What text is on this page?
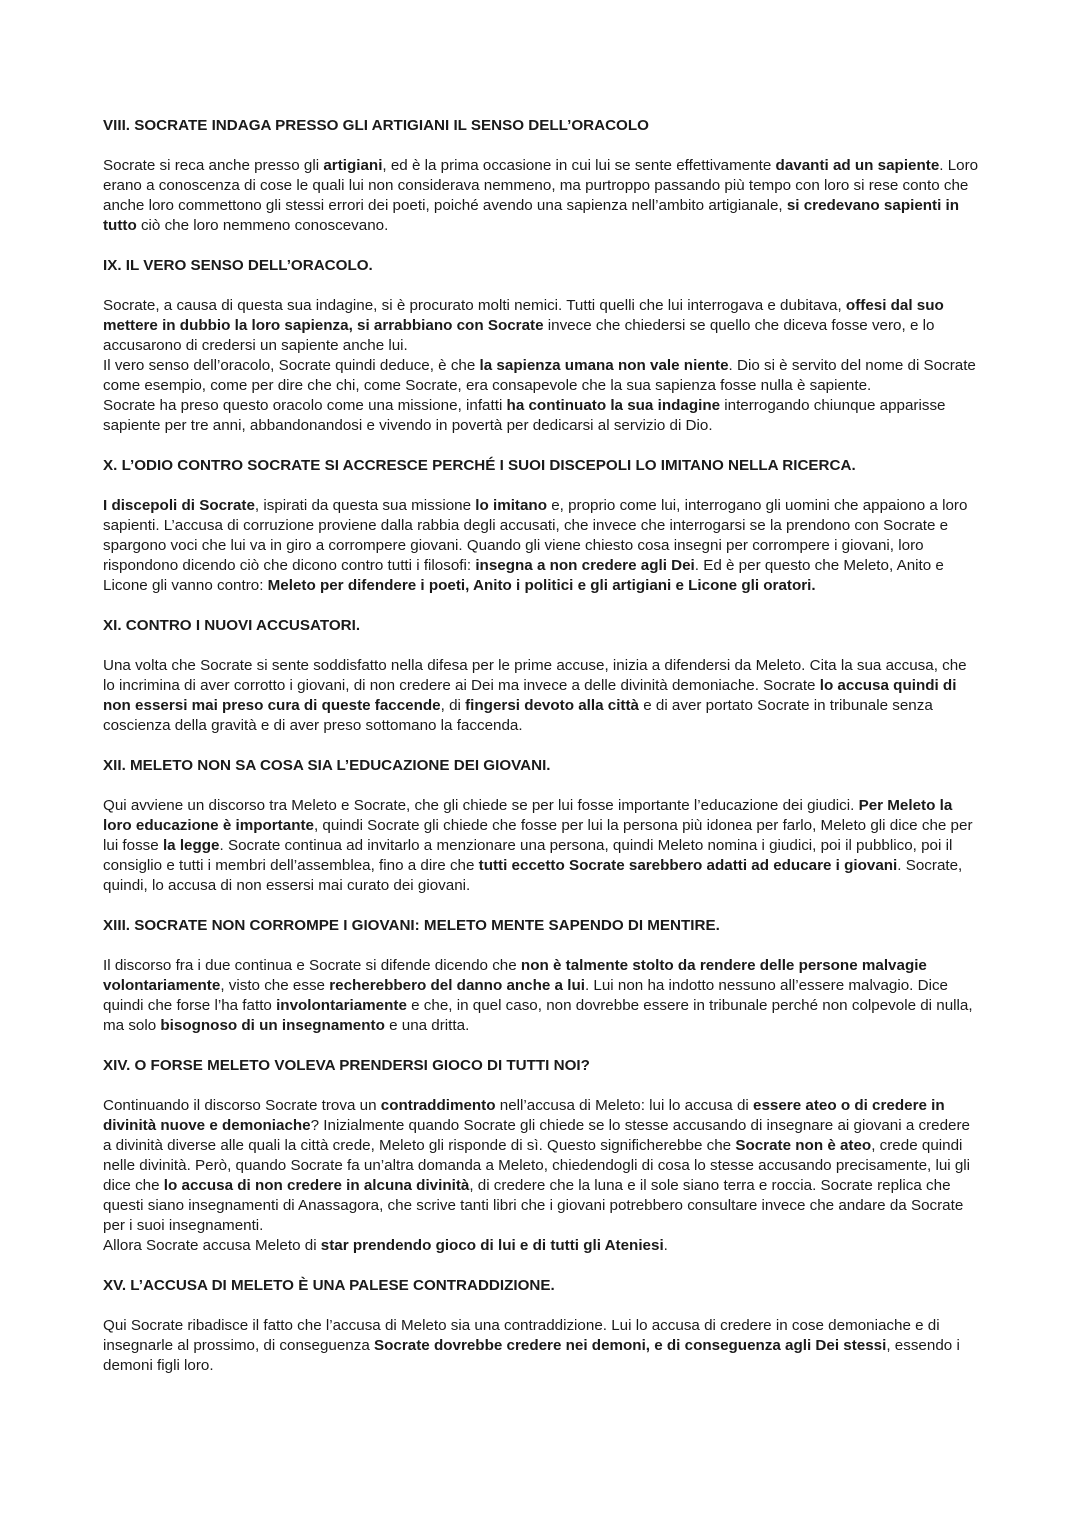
VIII. SOCRATE INDAGA PRESSO GLI ARTIGIANI IL SENSO DELL’ORACOLO

Socrate si reca anche presso gli artigiani, ed è la prima occasione in cui lui se sente effettivamente davanti ad un sapiente. Loro erano a conoscenza di cose le quali lui non considerava nemmeno, ma purtroppo passando più tempo con loro si rese conto che anche loro commettono gli stessi errori dei poeti, poiché avendo una sapienza nell’ambito artigianale, si credevano sapienti in tutto ciò che loro nemmeno conoscevano.

IX. IL VERO SENSO DELL’ORACOLO.

Socrate, a causa di questa sua indagine, si è procurato molti nemici. Tutti quelli che lui interrogava e dubitava, offesi dal suo mettere in dubbio la loro sapienza, si arrabbiano con Socrate invece che chiedersi se quello che diceva fosse vero, e lo accusarono di credersi un sapiente anche lui.

Il vero senso dell’oracolo, Socrate quindi deduce, è che la sapienza umana non vale niente. Dio si è servito del nome di Socrate come esempio, come per dire che chi, come Socrate, era consapevole che la sua sapienza fosse nulla è sapiente.

Socrate ha preso questo oracolo come una missione, infatti ha continuato la sua indagine interrogando chiunque apparisse sapiente per tre anni, abbandonandosi e vivendo in povertà per dedicarsi al servizio di Dio.

X. L’ODIO CONTRO SOCRATE SI ACCRESCE PERCHÉ I SUOI DISCEPOLI LO IMITANO NELLA RICERCA.

I discepoli di Socrate, ispirati da questa sua missione lo imitano e, proprio come lui, interrogano gli uomini che appaiono a loro sapienti. L’accusa di corruzione proviene dalla rabbia degli accusati, che invece che interrogarsi se la prendono con Socrate e spargono voci che lui va in giro a corrompere giovani. Quando gli viene chiesto cosa insegni per corrompere i giovani, loro rispondono dicendo ciò che dicono contro tutti i filosofi: insegna a non credere agli Dei. Ed è per questo che Meleto, Anito e Licone gli vanno contro: Meleto per difendere i poeti, Anito i politici e gli artigiani e Licone gli oratori.

XI. CONTRO I NUOVI ACCUSATORI.

Una volta che Socrate si sente soddisfatto nella difesa per le prime accuse, inizia a difendersi da Meleto. Cita la sua accusa, che lo incrimina di aver corrotto i giovani, di non credere ai Dei ma invece a delle divinità demoniache. Socrate lo accusa quindi di non essersi mai preso cura di queste faccende, di fingersi devoto alla città e di aver portato Socrate in tribunale senza coscienza della gravità e di aver preso sottomano la faccenda.

XII. MELETO NON SA COSA SIA L’EDUCAZIONE DEI GIOVANI.

Qui avviene un discorso tra Meleto e Socrate, che gli chiede se per lui fosse importante l’educazione dei giudici. Per Meleto la loro educazione è importante, quindi Socrate gli chiede che fosse per lui la persona più idonea per farlo, Meleto gli dice che per lui fosse la legge. Socrate continua ad invitarlo a menzionare una persona, quindi Meleto nomina i giudici, poi il pubblico, poi il consiglio e tutti i membri dell’assemblea, fino a dire che tutti eccetto Socrate sarebbero adatti ad educare i giovani. Socrate, quindi, lo accusa di non essersi mai curato dei giovani.

XIII. SOCRATE NON CORROMPE I GIOVANI: MELETO MENTE SAPENDO DI MENTIRE.

Il discorso fra i due continua e Socrate si difende dicendo che non è talmente stolto da rendere delle persone malvagie volontariamente, visto che esse recherebbero del danno anche a lui. Lui non ha indotto nessuno all’essere malvagio. Dice quindi che forse l’ha fatto involontariamente e che, in quel caso, non dovrebbe essere in tribunale perché non colpevole di nulla, ma solo bisognoso di un insegnamento e una dritta.

XIV. O FORSE MELETO VOLEVA PRENDERSI GIOCO DI TUTTI NOI?

Continuando il discorso Socrate trova un contraddimento nell’accusa di Meleto: lui lo accusa di essere ateo o di credere in divinità nuove e demoniache? Inizialmente quando Socrate gli chiede se lo stesse accusando di insegnare ai giovani a credere a divinità diverse alle quali la città crede, Meleto gli risponde di sì. Questo significherebbe che Socrate non è ateo, crede quindi nelle divinità. Però, quando Socrate fa un’altra domanda a Meleto, chiedendogli di cosa lo stesse accusando precisamente, lui gli dice che lo accusa di non credere in alcuna divinità, di credere che la luna e il sole siano terra e roccia. Socrate replica che questi siano insegnamenti di Anassagora, che scrive tanti libri che i giovani potrebbero consultare invece che andare da Socrate per i suoi insegnamenti.

Allora Socrate accusa Meleto di star prendendo gioco di lui e di tutti gli Ateniesi.

XV. L’ACCUSA DI MELETO È UNA PALESE CONTRADDIZIONE.

Qui Socrate ribadisce il fatto che l’accusa di Meleto sia una contraddizione. Lui lo accusa di credere in cose demoniache e di insegnarle al prossimo, di conseguenza Socrate dovrebbe credere nei demoni, e di conseguenza agli Dei stessi, essendo i demoni figli loro.
